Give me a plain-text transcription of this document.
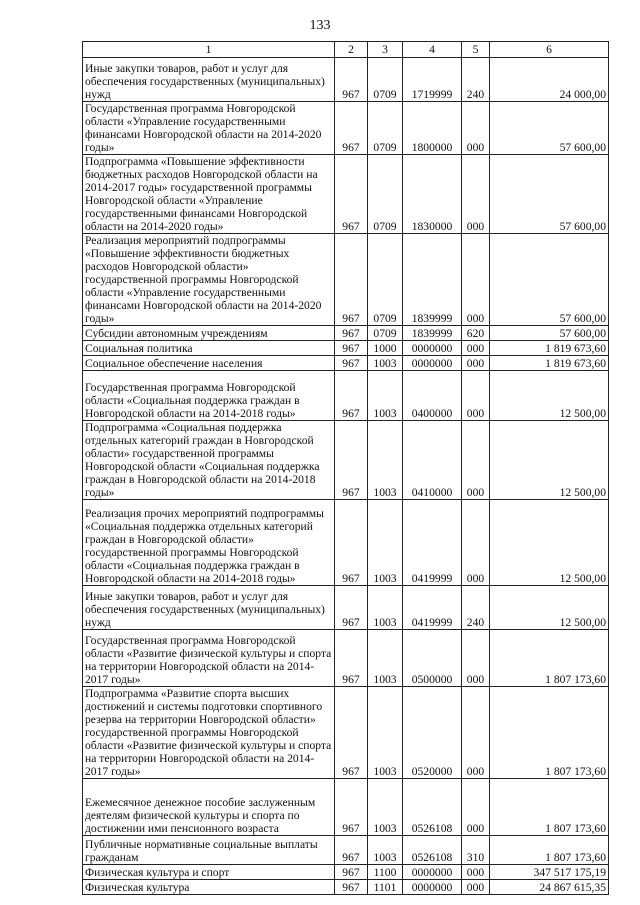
133
1	2	3	4	5	6
Иные закупки товаров, работ и услуг для обеспечения государственных (муниципальных) нужд	967	0709	1719999	240	24 000,00
Государственная программа Новгородской области «Управление государственными финансами Новгородской области на 2014-2020 годы»	967	0709	1800000	000	57 600,00
Подпрограмма «Повышение эффективности бюджетных расходов Новгородской области на 2014-2017 годы» государственной программы Новгородской области «Управление государственными финансами Новгородской области на 2014-2020 годы»	967	0709	1830000	000	57 600,00
Реализация мероприятий подпрограммы «Повышение эффективности бюджетных расходов Новгородской области» государственной программы Новгородской области «Управление государственными финансами Новгородской области на 2014-2020 годы»	967	0709	1839999	000	57 600,00
Субсидии автономным учреждениям	967	0709	1839999	620	57 600,00
Социальная политика	967	1000	0000000	000	1 819 673,60
Социальное обеспечение населения	967	1003	0000000	000	1 819 673,60
Государственная программа Новгородской области «Социальная поддержка граждан в Новгородской области на 2014-2018 годы»	967	1003	0400000	000	12 500,00
Подпрограмма «Социальная поддержка отдельных категорий граждан в Новгородской области» государственной программы Новгородской области «Социальная поддержка граждан в Новгородской области на 2014-2018 годы»	967	1003	0410000	000	12 500,00
Реализация прочих мероприятий подпрограммы «Социальная поддержка отдельных категорий граждан в Новгородской области» государственной программы Новгородской области «Социальная поддержка граждан в Новгородской области на 2014-2018 годы»	967	1003	0419999	000	12 500,00
Иные закупки товаров, работ и услуг для обеспечения государственных (муниципальных) нужд	967	1003	0419999	240	12 500,00
Государственная программа Новгородской области «Развитие физической культуры и спорта на территории Новгородской области на 2014-2017 годы»	967	1003	0500000	000	1 807 173,60
Подпрограмма «Развитие спорта высших достижений и системы подготовки спортивного резерва на территории Новгородской области» государственной программы Новгородской области «Развитие физической культуры и спорта на территории Новгородской области на 2014-2017 годы»	967	1003	0520000	000	1 807 173,60
Ежемесячное денежное пособие заслуженным деятелям физической культуры и спорта по достижении ими пенсионного возраста	967	1003	0526108	000	1 807 173,60
Публичные нормативные социальные выплаты гражданам	967	1003	0526108	310	1 807 173,60
Физическая культура и спорт	967	1100	0000000	000	347 517 175,19
Физическая культура	967	1101	0000000	000	24 867 615,35
